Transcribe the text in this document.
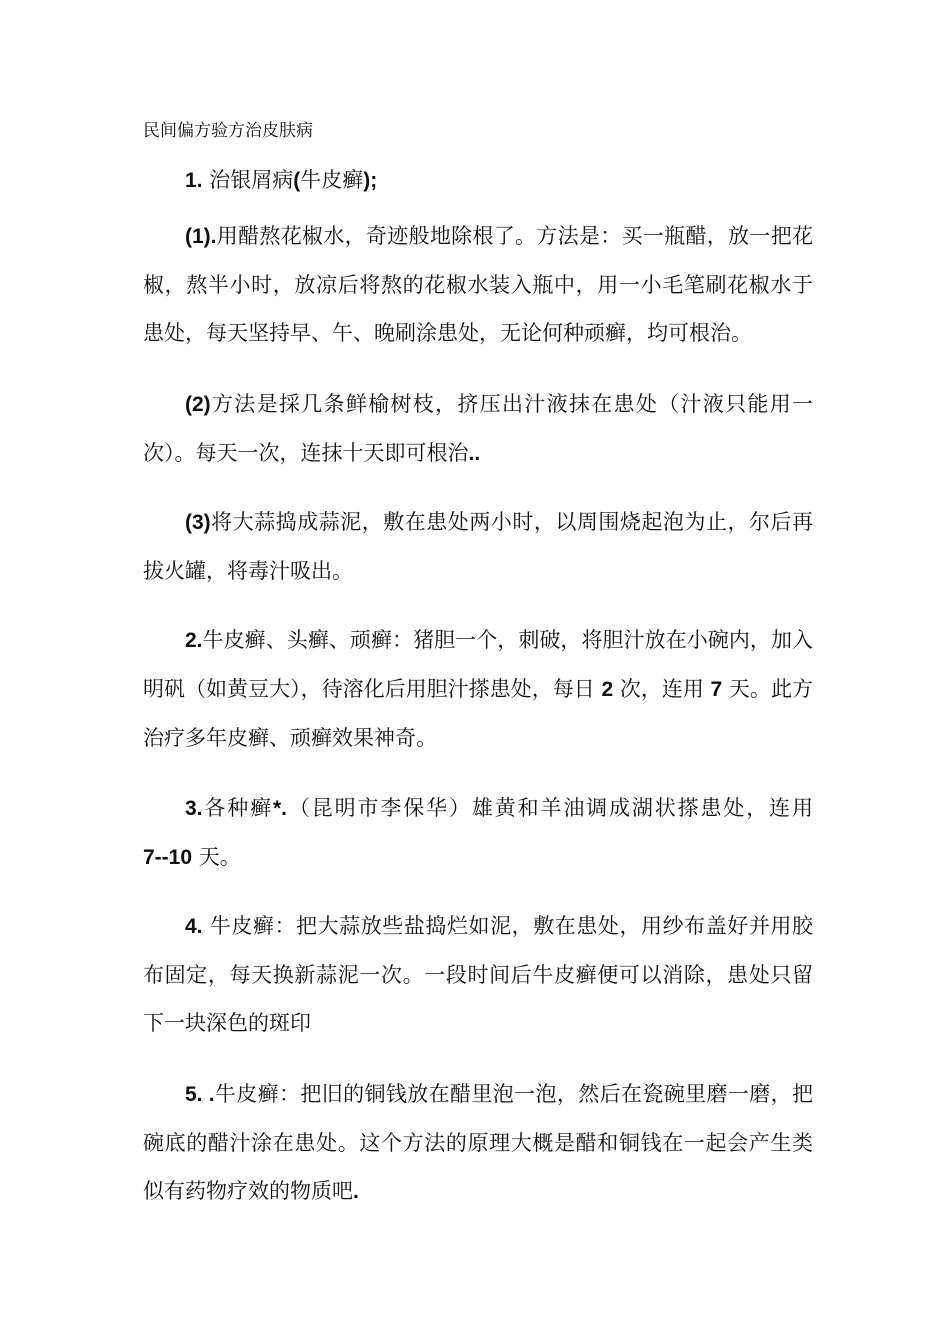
民间偏方验方治皮肤病

1. 治银屑病(牛皮癣);

(1).用醋熬花椒水，奇迹般地除根了。方法是：买一瓶醋，放一把花椒，熬半小时，放凉后将熬的花椒水装入瓶中，用一小毛笔刷花椒水于患处，每天坚持早、午、晚刷涂患处，无论何种顽癣，均可根治。

(2)方法是採几条鲜榆树枝，挤压出汁液抹在患处（汁液只能用一次）。每天一次，连抹十天即可根治..

(3)将大蒜捣成蒜泥，敷在患处两小时，以周围烧起泡为止，尔后再拔火罐，将毒汁吸出。

2.牛皮癣、头癣、顽癣：猪胆一个，刺破，将胆汁放在小碗内，加入明矾（如黄豆大），待溶化后用胆汁搽患处，每日 2 次，连用 7 天。此方治疗多年皮癣、顽癣效果神奇。

3.各种癣*.（昆明市李保华）雄黄和羊油调成湖状搽患处，连用 7--10 天。

4. 牛皮癣：把大蒜放些盐捣烂如泥，敷在患处，用纱布盖好并用胶布固定，每天换新蒜泥一次。一段时间后牛皮癣便可以消除，患处只留下一块深色的斑印

5. .牛皮癣：把旧的铜钱放在醋里泡一泡，然后在瓷碗里磨一磨，把碗底的醋汁涂在患处。这个方法的原理大概是醋和铜钱在一起会产生类似有药物疗效的物质吧.
